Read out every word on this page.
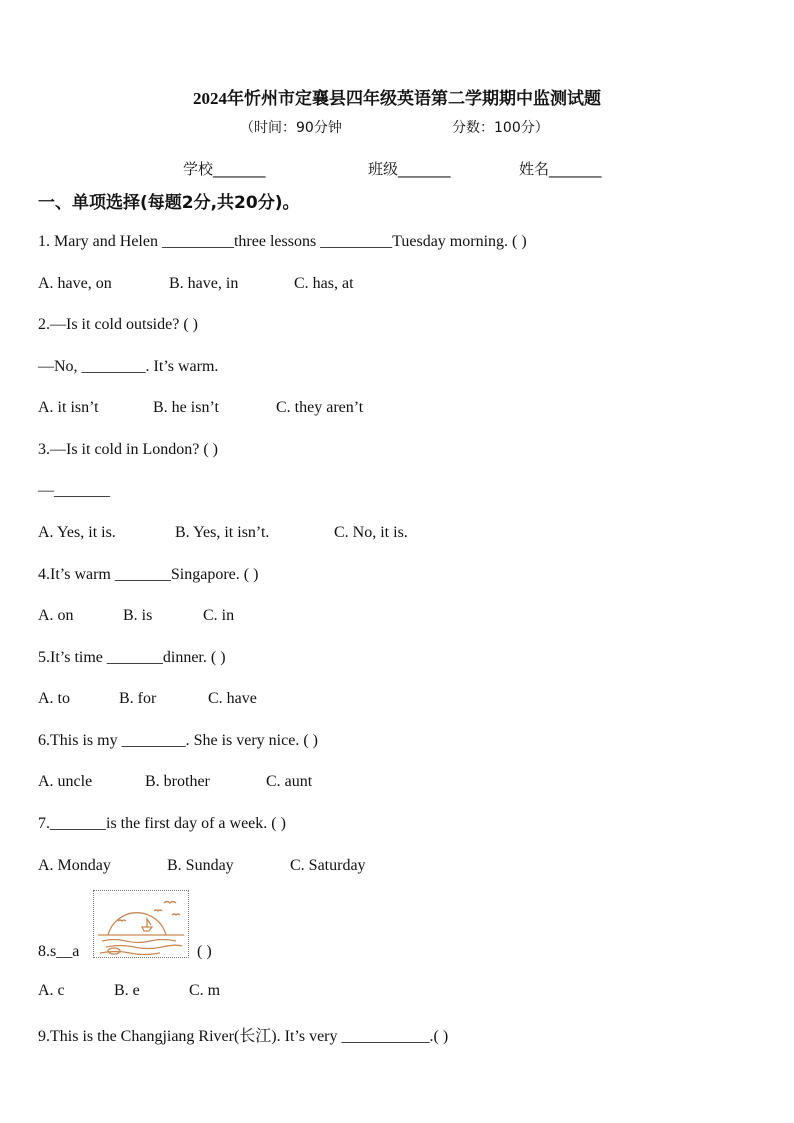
2024年忻州市定襄县四年级英语第二学期期中监测试题
（时间：90分钟	分数：100分）
学校_______	班级_______	姓名_______
一、单项选择(每题2分,共20分)。
1. Mary and Helen _________three lessons _________Tuesday morning. ( )
A. have, on	B. have, in	C. has, at
2.—Is it cold outside? ( )
—No, ________. It’s warm.
A. it isn’t	B. he isn’t	C. they aren’t
3.—Is it cold in London? ( )
—_______
A. Yes, it is.	B. Yes, it isn’t.	C. No, it is.
4.It’s warm _______Singapore. ( )
A. on	B. is	C. in
5.It’s time _______dinner. ( )
A. to	B. for	C. have
6.This is my ________. She is very nice. ( )
A. uncle	B. brother	C. aunt
7._______is the first day of a week. ( )
A. Monday	B. Sunday	C. Saturday
8.s__a	( )
A. c	B. e	C. m
9.This is the Changjiang River(长江). It’s very ___________.( )
